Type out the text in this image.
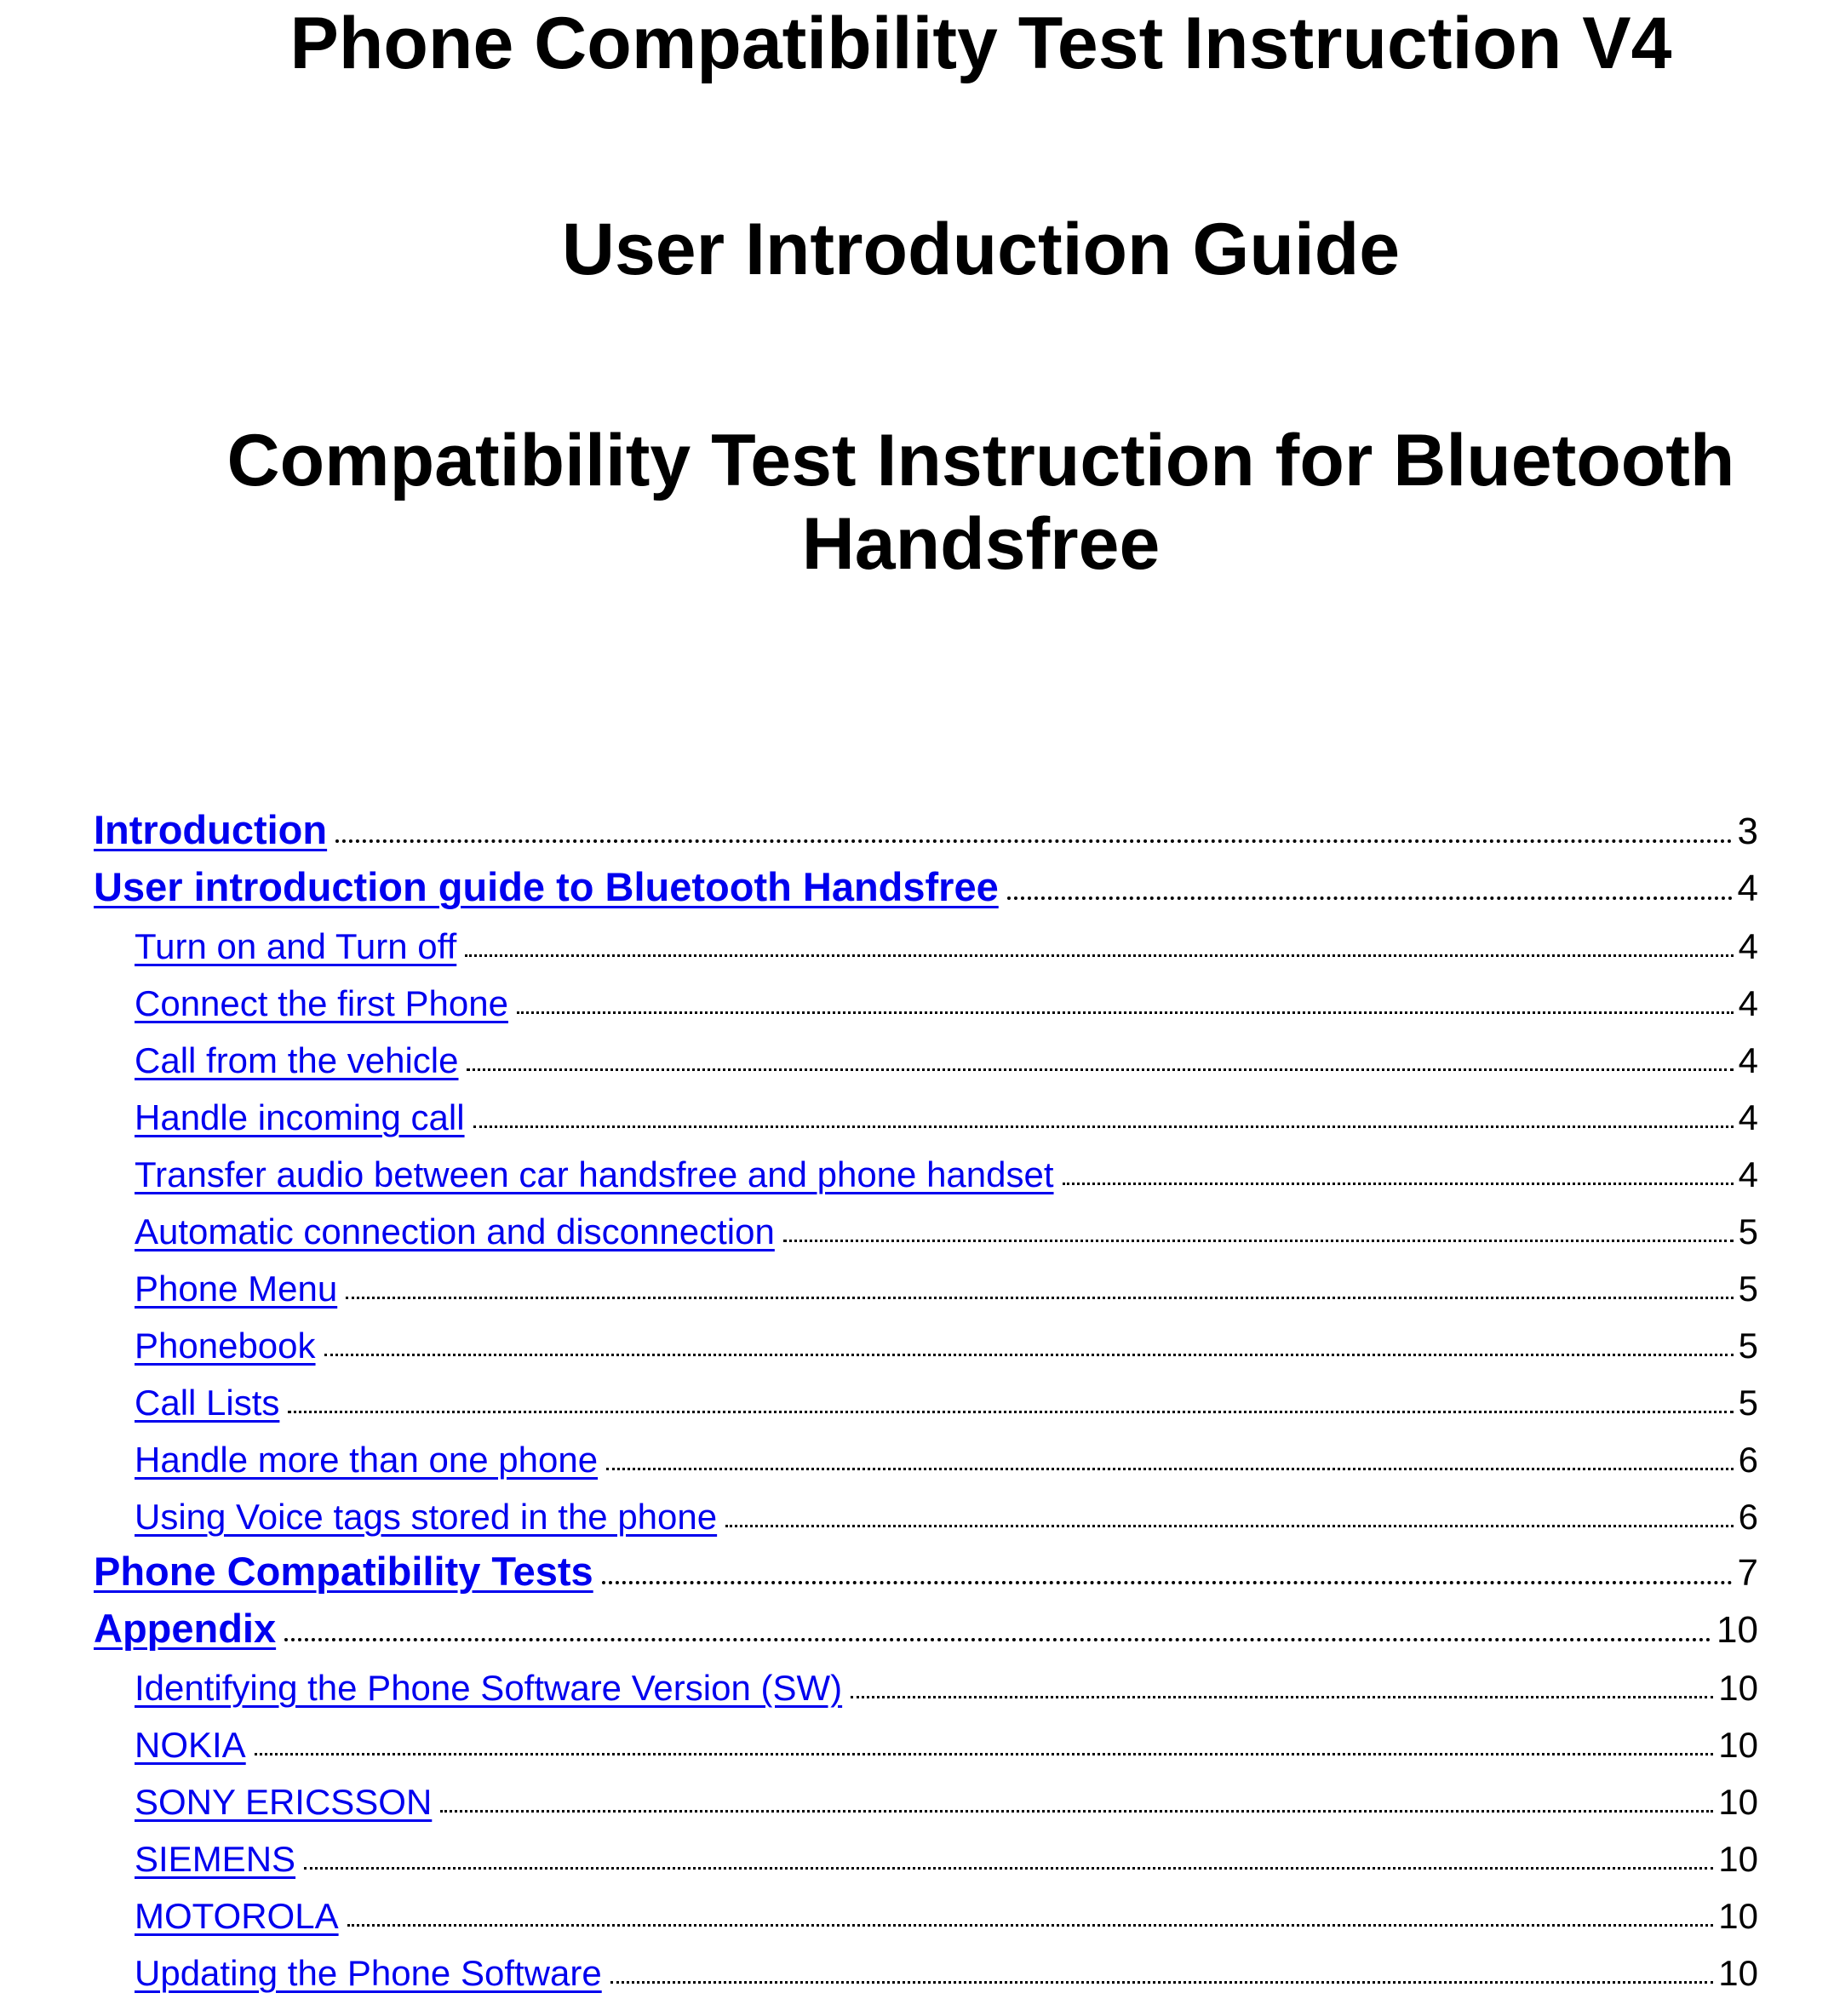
Phone Compatibility Test Instruction V4
User Introduction Guide
Compatibility Test Instruction for Bluetooth
Handsfree
Introduction	3
User introduction guide to Bluetooth Handsfree	4
Turn on and Turn off	4
Connect the first Phone	4
Call from the vehicle	4
Handle incoming call	4
Transfer audio between car handsfree and phone handset	4
Automatic connection and disconnection	5
Phone Menu	5
Phonebook	5
Call Lists	5
Handle more than one phone	6
Using Voice tags stored in the phone	6
Phone Compatibility Tests	7
Appendix	10
Identifying the Phone Software Version (SW)	10
NOKIA	10
SONY ERICSSON	10
SIEMENS	10
MOTOROLA	10
Updating the Phone Software	10
